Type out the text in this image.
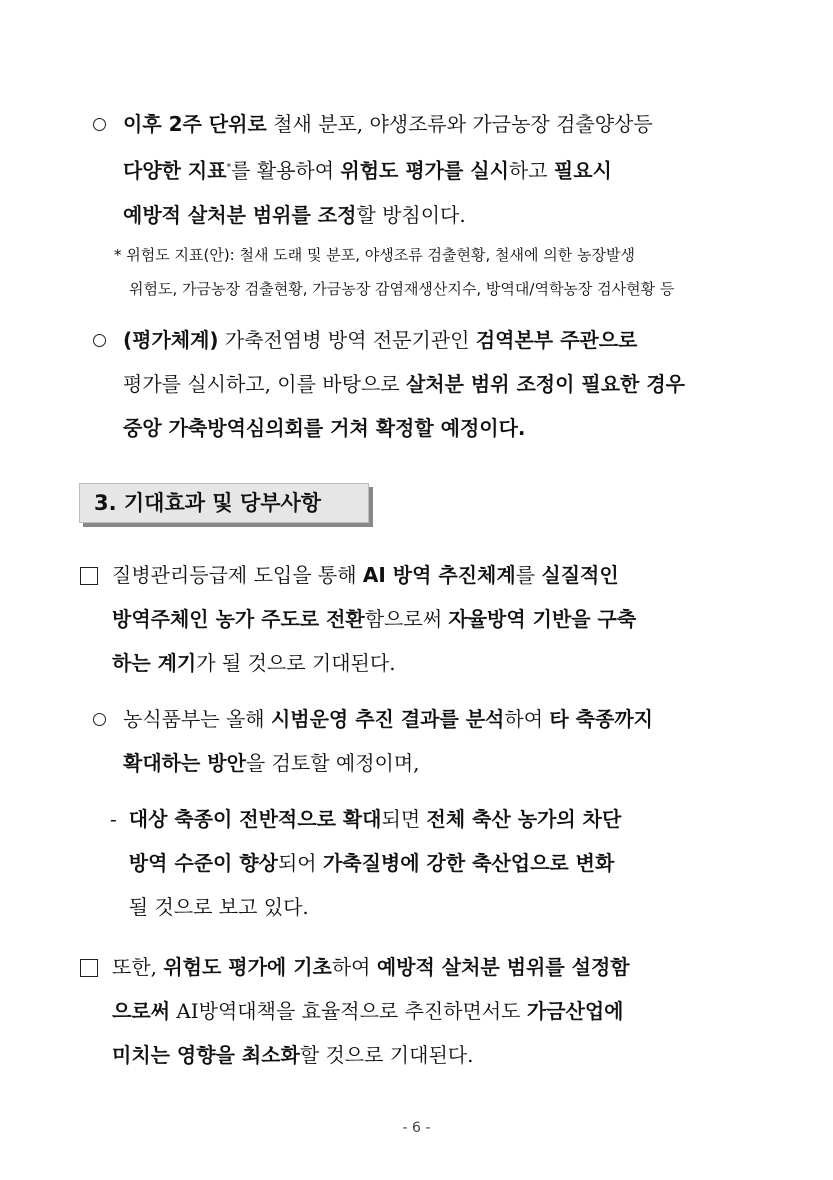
이후 2주 단위로 철새 분포, 야생조류와 가금농장 검출양상등
다양한 지표*를 활용하여 위험도 평가를 실시하고 필요시
예방적 살처분 범위를 조정할 방침이다.
* 위험도 지표(안): 철새 도래 및 분포, 야생조류 검출현황, 철새에 의한 농장발생
위험도, 가금농장 검출현황, 가금농장 감염재생산지수, 방역대/역학농장 검사현황 등
(평가체계) 가축전염병 방역 전문기관인 검역본부 주관으로
평가를 실시하고, 이를 바탕으로 살처분 범위 조정이 필요한 경우
중앙 가축방역심의회를 거쳐 확정할 예정이다.
3. 기대효과 및 당부사항
질병관리등급제 도입을 통해 AI 방역 추진체계를 실질적인
방역주체인 농가 주도로 전환함으로써 자율방역 기반을 구축
하는 계기가 될 것으로 기대된다.
농식품부는 올해 시범운영 추진 결과를 분석하여 타 축종까지
확대하는 방안을 검토할 예정이며,
- 대상 축종이 전반적으로 확대되면 전체 축산 농가의 차단
방역 수준이 향상되어 가축질병에 강한 축산업으로 변화
될 것으로 보고 있다.
또한, 위험도 평가에 기초하여 예방적 살처분 범위를 설정함
으로써 AI방역대책을 효율적으로 추진하면서도 가금산업에
미치는 영향을 최소화할 것으로 기대된다.
- 6 -
